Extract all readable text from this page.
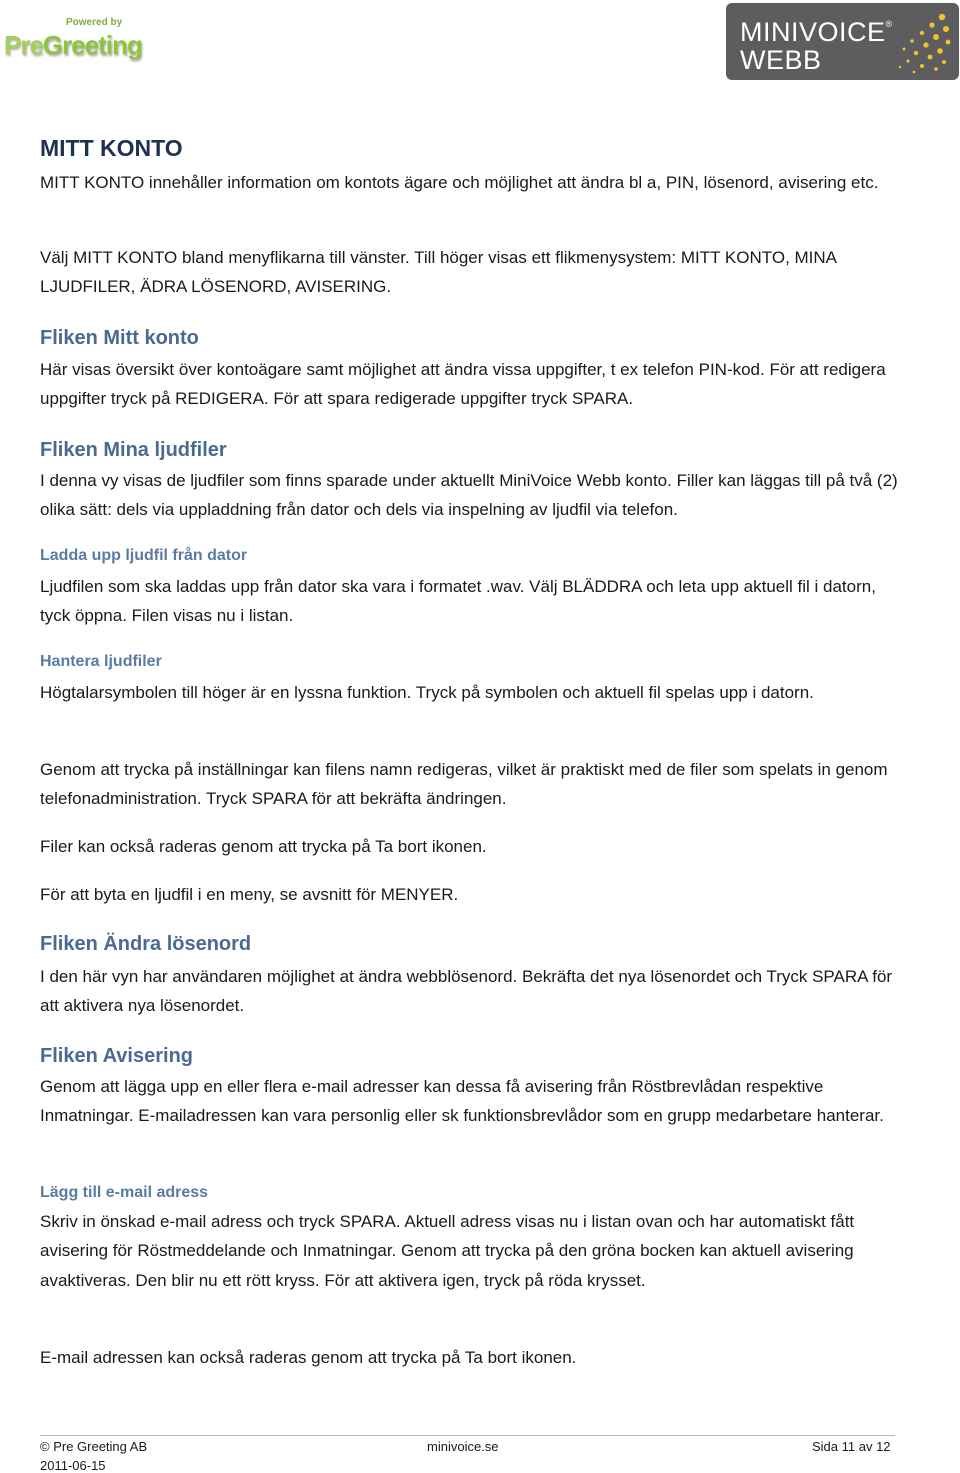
Powered by
PreGreeting	MINIVOICE®
WEBB
MITT KONTO

MITT KONTO innehåller information om kontots ägare och möjlighet att ändra bl a, PIN, lösenord, avisering etc.

Välj MITT KONTO bland menyflikarna till vänster. Till höger visas ett flikmenysystem: MITT KONTO, MINA LJUDFILER, ÄDRA LÖSENORD, AVISERING.

Fliken Mitt konto

Här visas översikt över kontoägare samt möjlighet att ändra vissa uppgifter, t ex telefon PIN-kod. För att redigera uppgifter tryck på REDIGERA. För att spara redigerade uppgifter tryck SPARA.

Fliken Mina ljudfiler

I denna vy visas de ljudfiler som finns sparade under aktuellt MiniVoice Webb konto. Filler kan läggas till på två (2) olika sätt: dels via uppladdning från dator och dels via inspelning av ljudfil via telefon.

Ladda upp ljudfil från dator

Ljudfilen som ska laddas upp från dator ska vara i formatet .wav. Välj BLÄDDRA och leta upp aktuell fil i datorn, tyck öppna. Filen visas nu i listan.

Hantera ljudfiler

Högtalarsymbolen till höger är en lyssna funktion. Tryck på symbolen och aktuell fil spelas upp i datorn.

Genom att trycka på inställningar kan filens namn redigeras, vilket är praktiskt med de filer som spelats in genom telefonadministration. Tryck SPARA för att bekräfta ändringen.

Filer kan också raderas genom att trycka på Ta bort ikonen.

För att byta en ljudfil i en meny, se avsnitt för MENYER.

Fliken Ändra lösenord

I den här vyn har användaren möjlighet at ändra webblösenord. Bekräfta det nya lösenordet och Tryck SPARA för att aktivera nya lösenordet.

Fliken Avisering

Genom att lägga upp en eller flera e-mail adresser kan dessa få avisering från Röstbrevlådan respektive Inmatningar. E-mailadressen kan vara personlig eller sk funktionsbrevlådor som en grupp medarbetare hanterar.

Lägg till e-mail adress

Skriv in önskad e-mail adress och tryck SPARA. Aktuell adress visas nu i listan ovan och har automatiskt fått avisering för Röstmeddelande och Inmatningar. Genom att trycka på den gröna bocken kan aktuell avisering avaktiveras. Den blir nu ett rött kryss. För att aktivera igen, tryck på röda krysset.

E-mail adressen kan också raderas genom att trycka på Ta bort ikonen.

© Pre Greeting AB
2011-06-15
minivoice.se	Sida 11 av 12
